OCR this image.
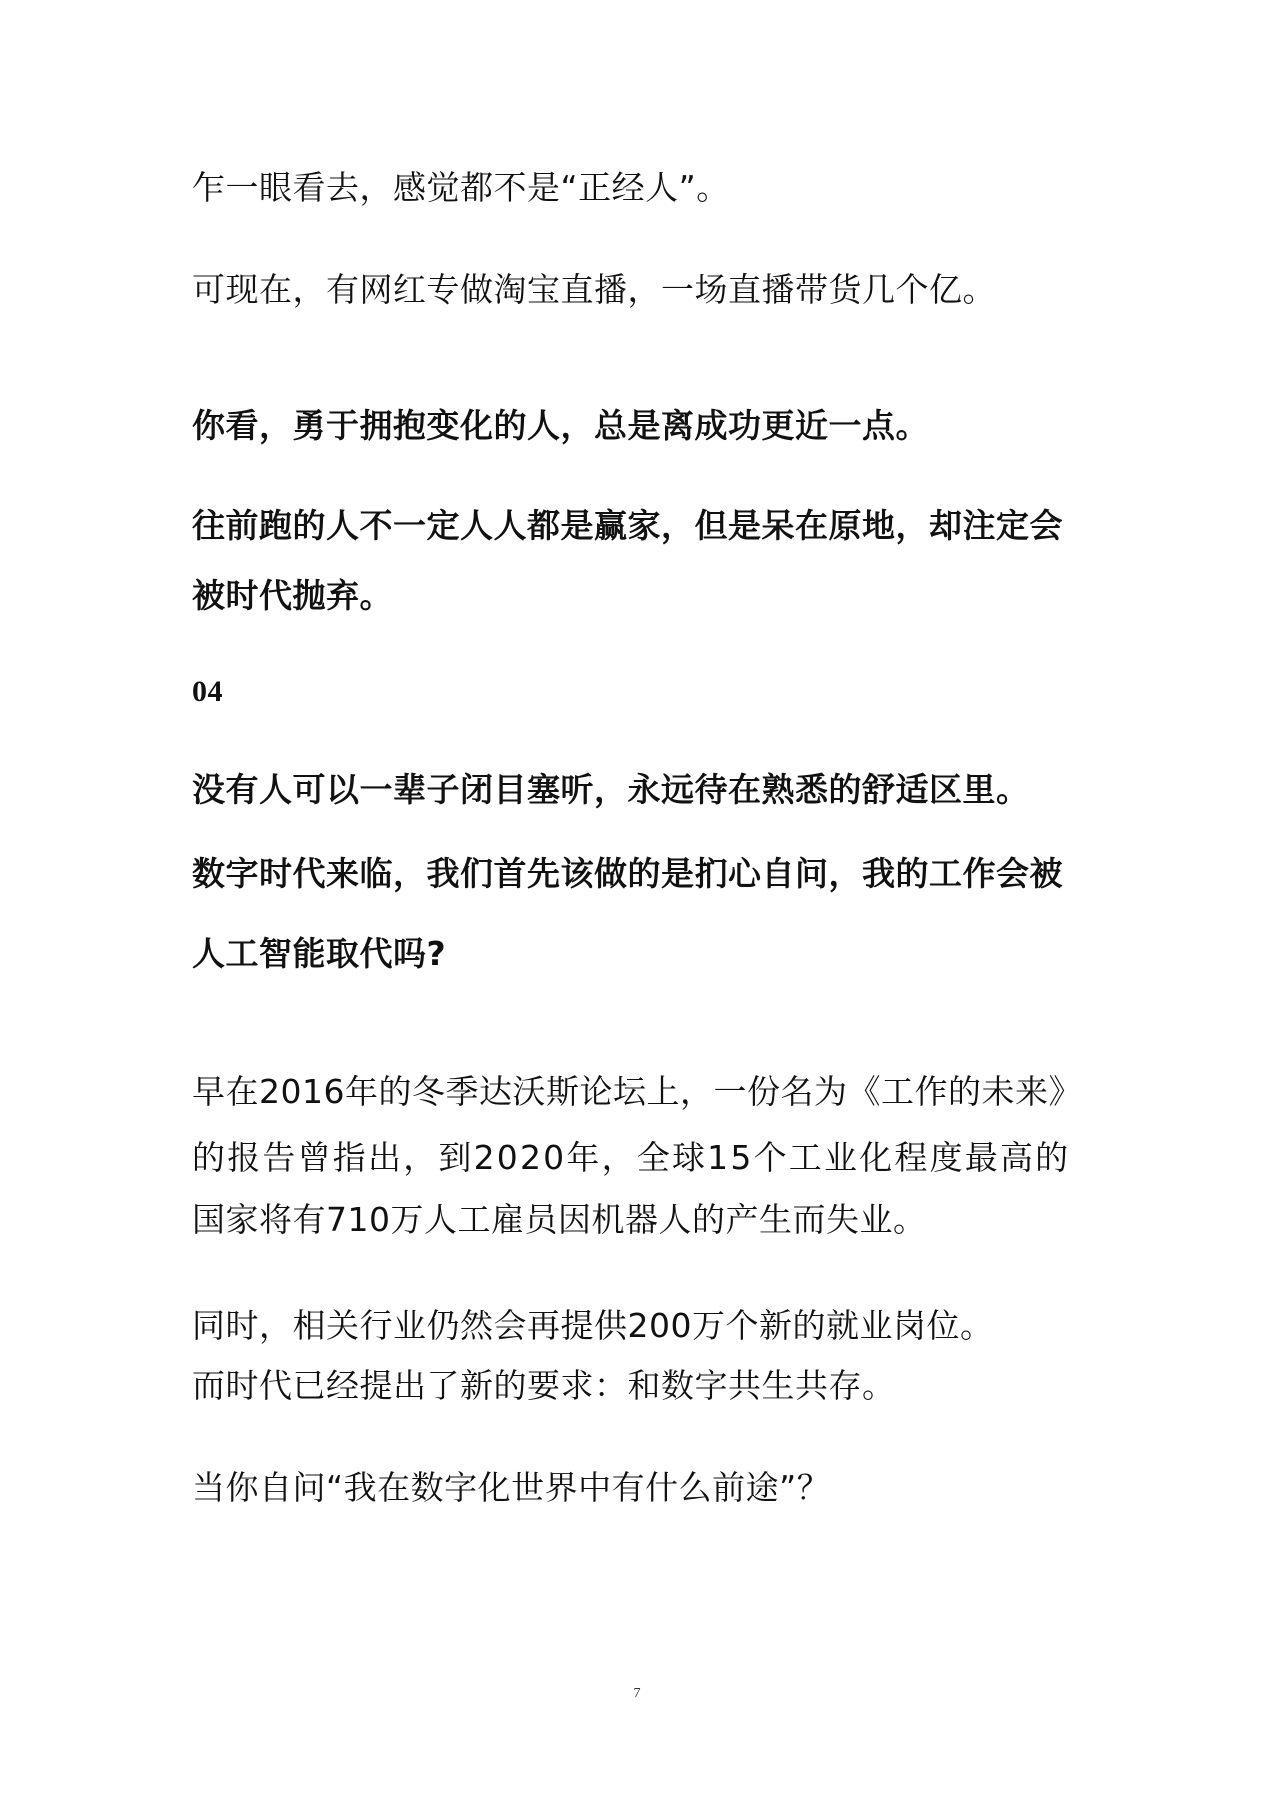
乍一眼看去，感觉都不是“正经人”。
可现在，有网红专做淘宝直播，一场直播带货几个亿。
你看，勇于拥抱变化的人，总是离成功更近一点。
往前跑的人不一定人人都是赢家，但是呆在原地，却注定会
被时代抛弃。
04
没有人可以一辈子闭目塞听，永远待在熟悉的舒适区里。
数字时代来临，我们首先该做的是扪心自问，我的工作会被
人工智能取代吗?
早在2016年的冬季达沃斯论坛上，一份名为《工作的未来》
的报告曾指出，到2020年，全球15个工业化程度最高的
国家将有710万人工雇员因机器人的产生而失业。
同时，相关行业仍然会再提供200万个新的就业岗位。
而时代已经提出了新的要求：和数字共生共存。
当你自问“我在数字化世界中有什么前途”？
7
